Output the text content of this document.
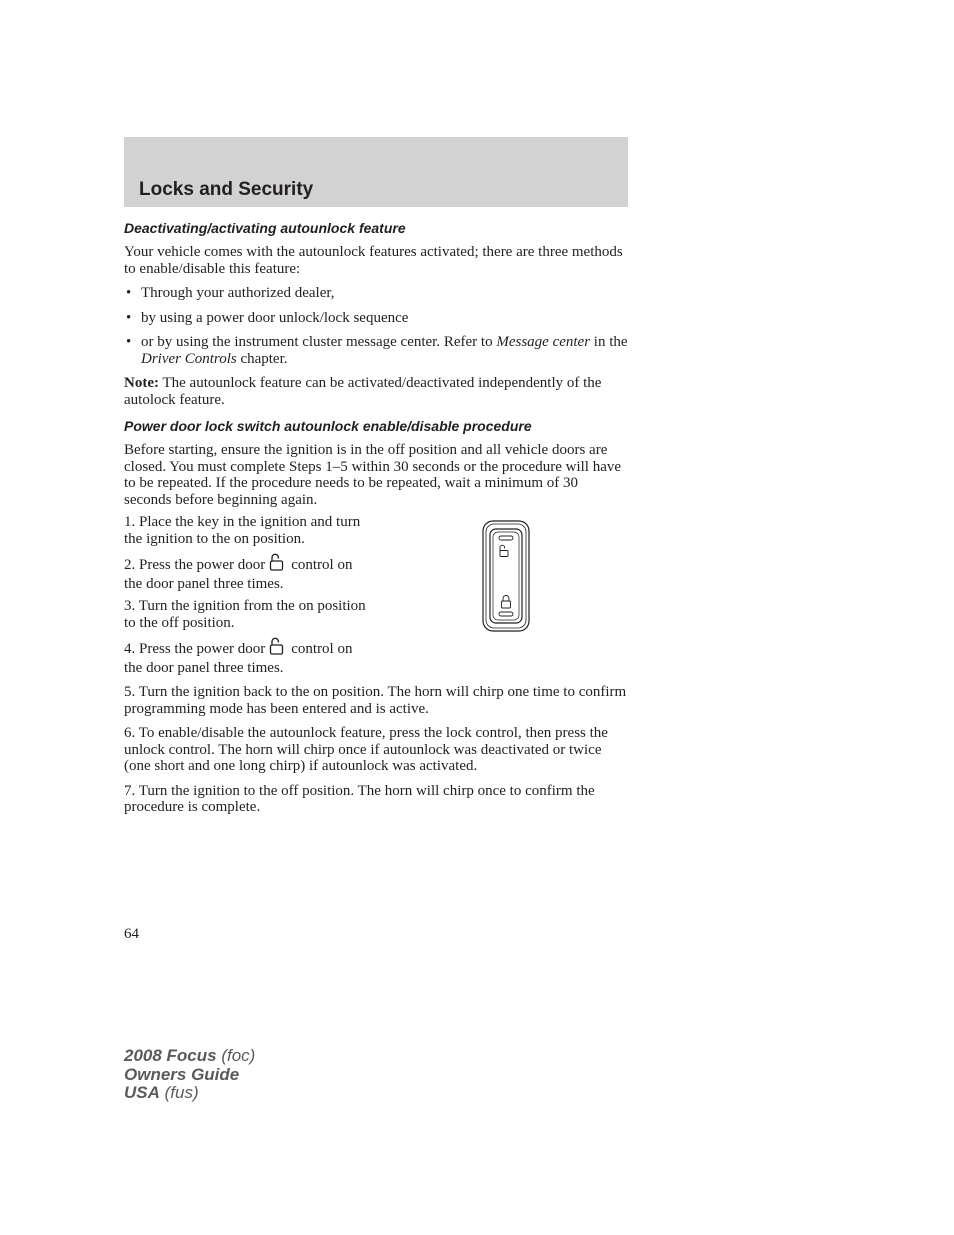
Locks and Security
Deactivating/activating autounlock feature

Your vehicle comes with the autounlock features activated; there are three methods to enable/disable this feature:

• Through your authorized dealer,
• by using a power door unlock/lock sequence
• or by using the instrument cluster message center. Refer to Message center in the Driver Controls chapter.

Note: The autounlock feature can be activated/deactivated independently of the autolock feature.

Power door lock switch autounlock enable/disable procedure

Before starting, ensure the ignition is in the off position and all vehicle doors are closed. You must complete Steps 1–5 within 30 seconds or the procedure will have to be repeated. If the procedure needs to be repeated, wait a minimum of 30 seconds before beginning again.

1. Place the key in the ignition and turn the ignition to the on position.

2. Press the power door control on the door panel three times.

3. Turn the ignition from the on position to the off position.

4. Press the power door control on the door panel three times.

5. Turn the ignition back to the on position. The horn will chirp one time to confirm programming mode has been entered and is active.

6. To enable/disable the autounlock feature, press the lock control, then press the unlock control. The horn will chirp once if autounlock was deactivated or twice (one short and one long chirp) if autounlock was activated.

7. Turn the ignition to the off position. The horn will chirp once to confirm the procedure is complete.

64
2008 Focus (foc)
Owners Guide
USA (fus)
